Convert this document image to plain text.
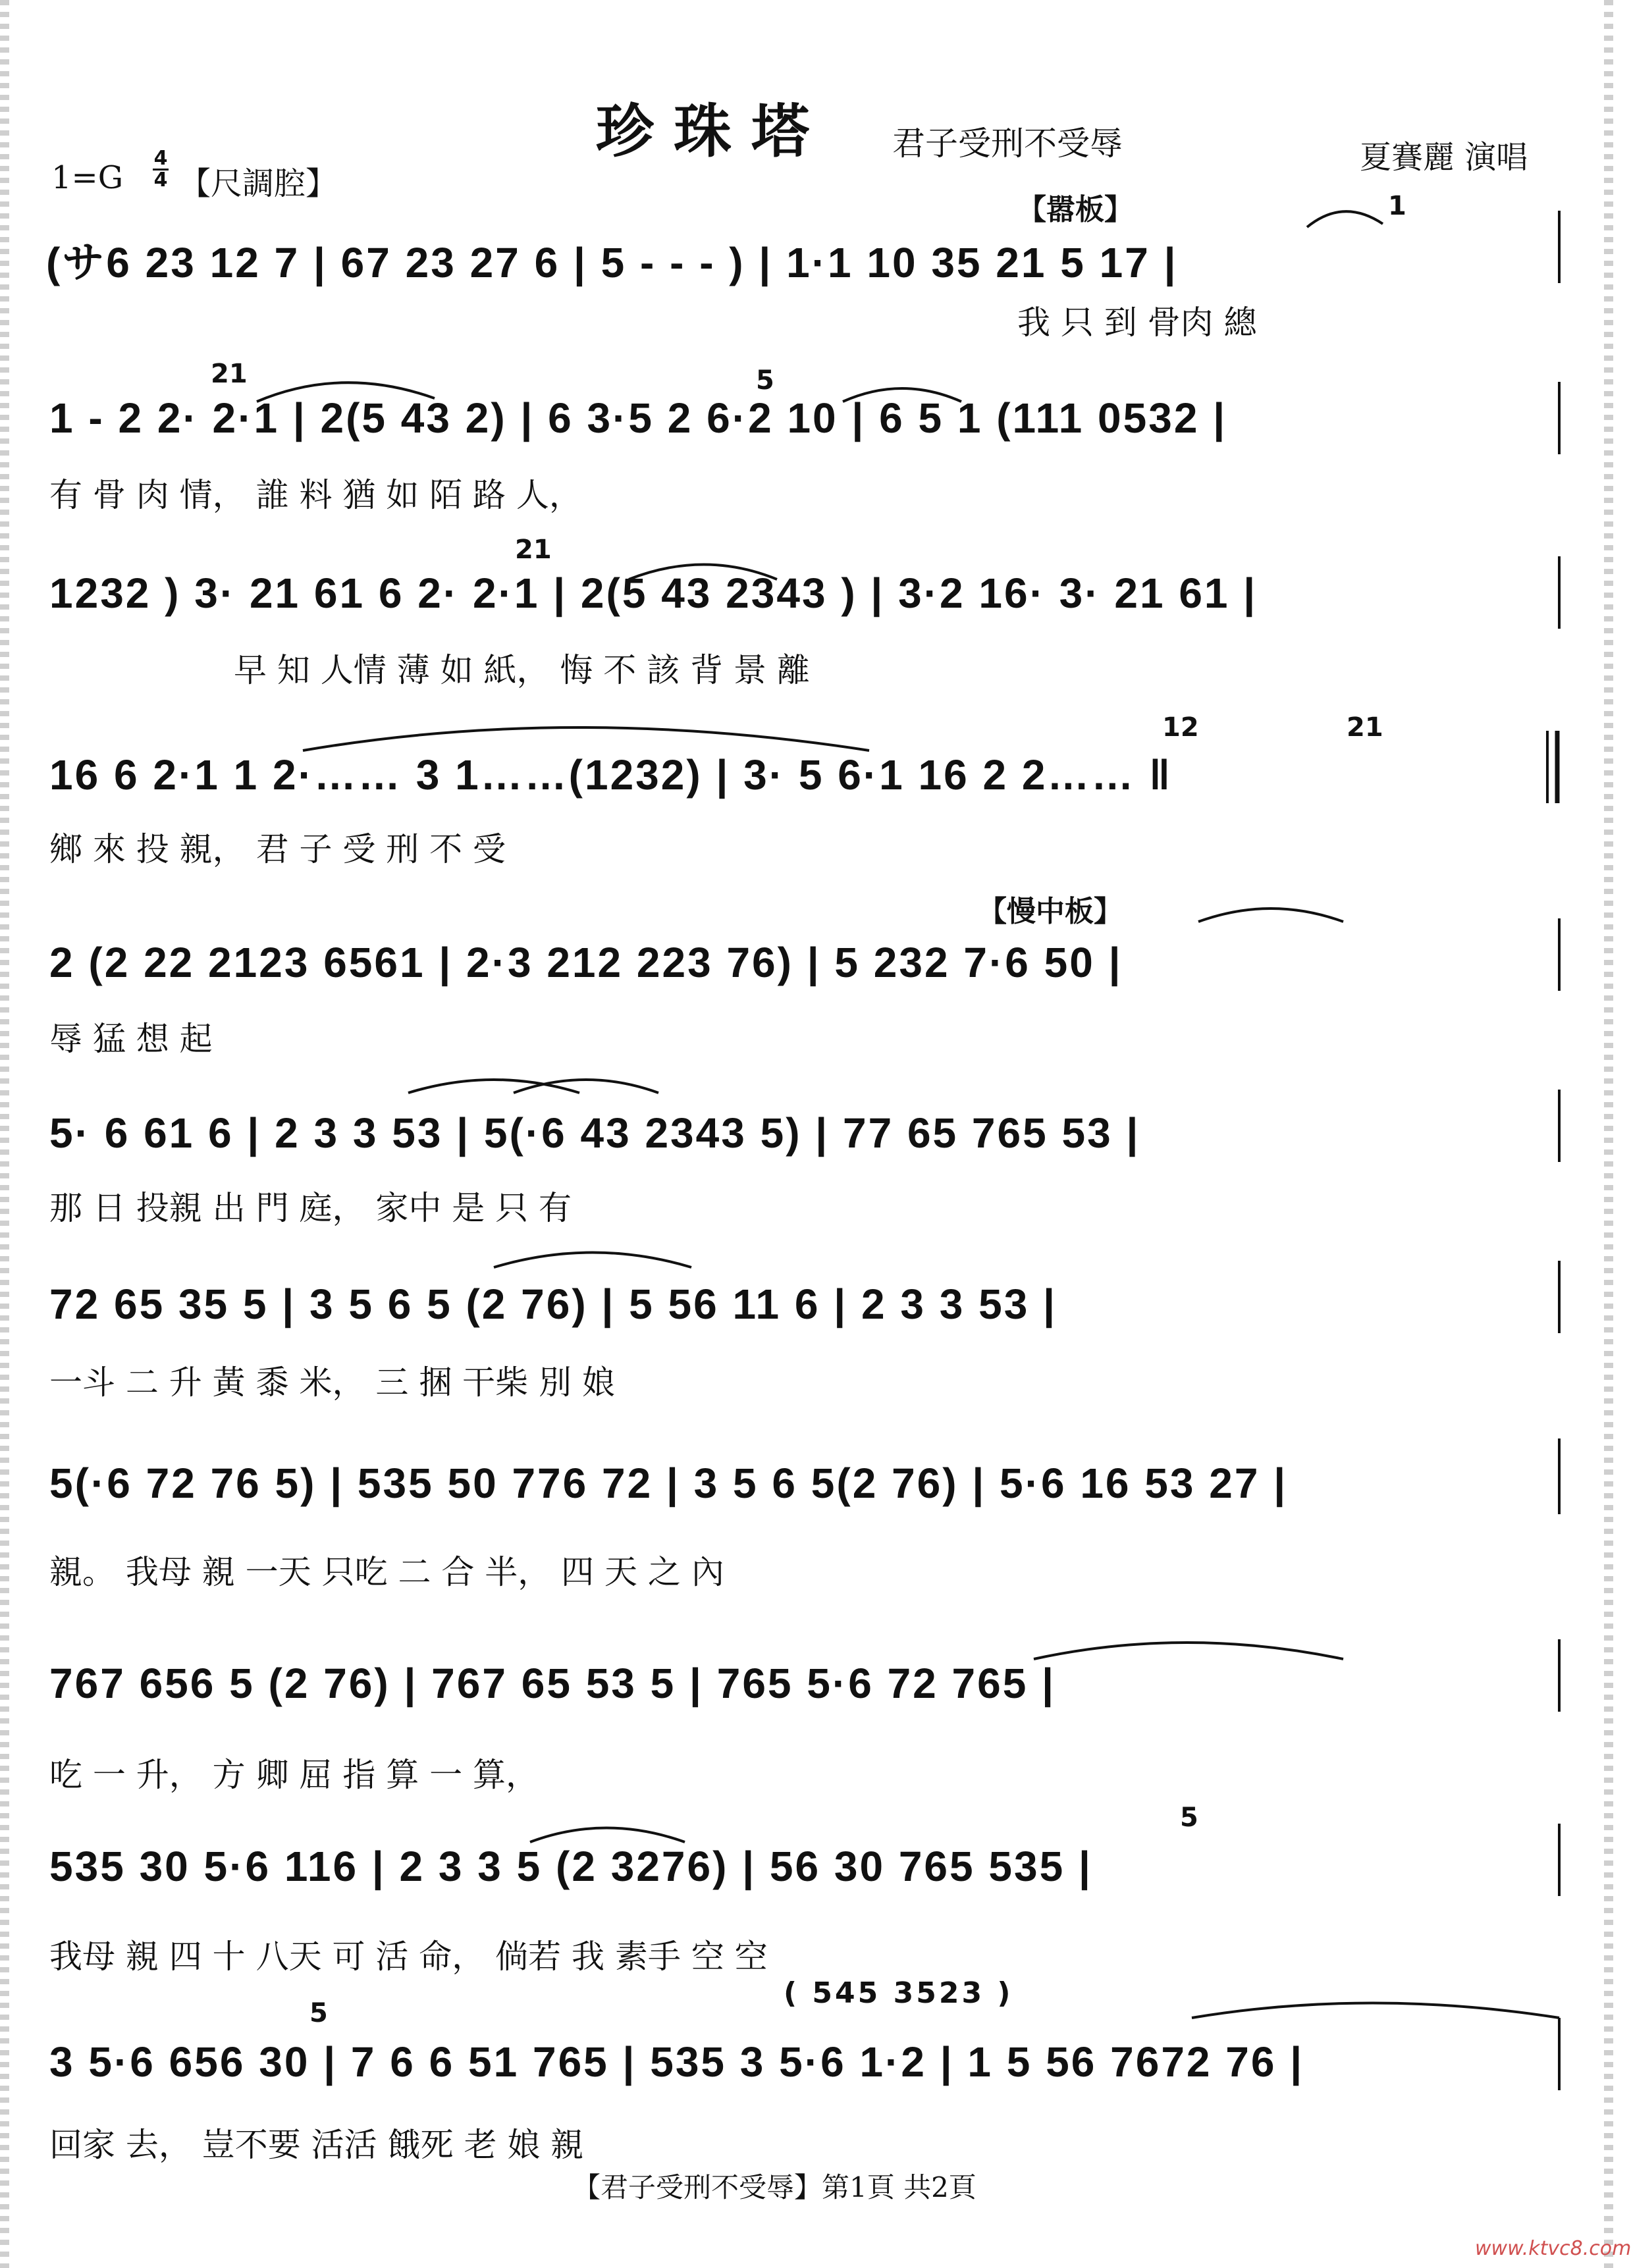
珍珠塔 君子受刑不受辱	夏賽麗 演唱
1=G
4
4 【尺調腔】
【嚣板】
【慢中板】
(サ6 23 12 7 | 67 23 27 6 | 5 - - - ) | 1·1 10 35 21 5 17 |
我 只 到 骨肉 總
1 - 2 2· 2·1 | 2(5 43 2) | 6 3·5 2 6·2 10 | 6 5 1 (111 0532 |
有 骨 肉 情， 誰 料 猶 如 陌 路 人，
1232 ) 3· 21 61 6 2· 2·1 | 2(5 43 2343 ) | 3·2 16· 3· 21 61 |
早 知 人情 薄 如 紙， 悔 不 該 背 景 離
16 6 2·1 1 2·…… 3 1……(1232) | 3· 5 6·1 16 2 2…… ‖
鄉 來 投 親， 君 子 受 刑 不 受
2 (2 22 2123 6561 | 2·3 212 223 76) | 5 232 7·6 50 |
辱 猛 想 起
5· 6 61 6 | 2 3 3 53 | 5(·6 43 2343 5) | 77 65 765 53 |
那 日 投親 出 門 庭， 家中 是 只 有
72 65 35 5 | 3 5 6 5 (2 76) | 5 56 11 6 | 2 3 3 53 |
一斗 二 升 黃 黍 米， 三 捆 干柴 別 娘
5(·6 72 76 5) | 535 50 776 72 | 3 5 6 5(2 76) | 5·6 16 53 27 |
親。 我母 親 一天 只吃 二 合 半， 四 天 之 內
767 656 5 (2 76) | 767 65 53 5 | 765 5·6 72 765 |
吃 一 升， 方 卿 屈 指 算 一 算，
535 30 5·6 116 | 2 3 3 5 (2 3276) | 56 30 765 535 |
我母 親 四 十 八天 可 活 命， 倘若 我 素手 空 空
3 5·6 656 30 | 7 6 6 51 765 | 535 3 5·6 1·2 | 1 5 56 7672 76 |
回家 去， 豈不要 活活 餓死 老 娘 親
21	5
1
21
12	21
5
5
( 545 3523 )
【君子受刑不受辱】第1頁 共2頁
www.ktvc8.com
